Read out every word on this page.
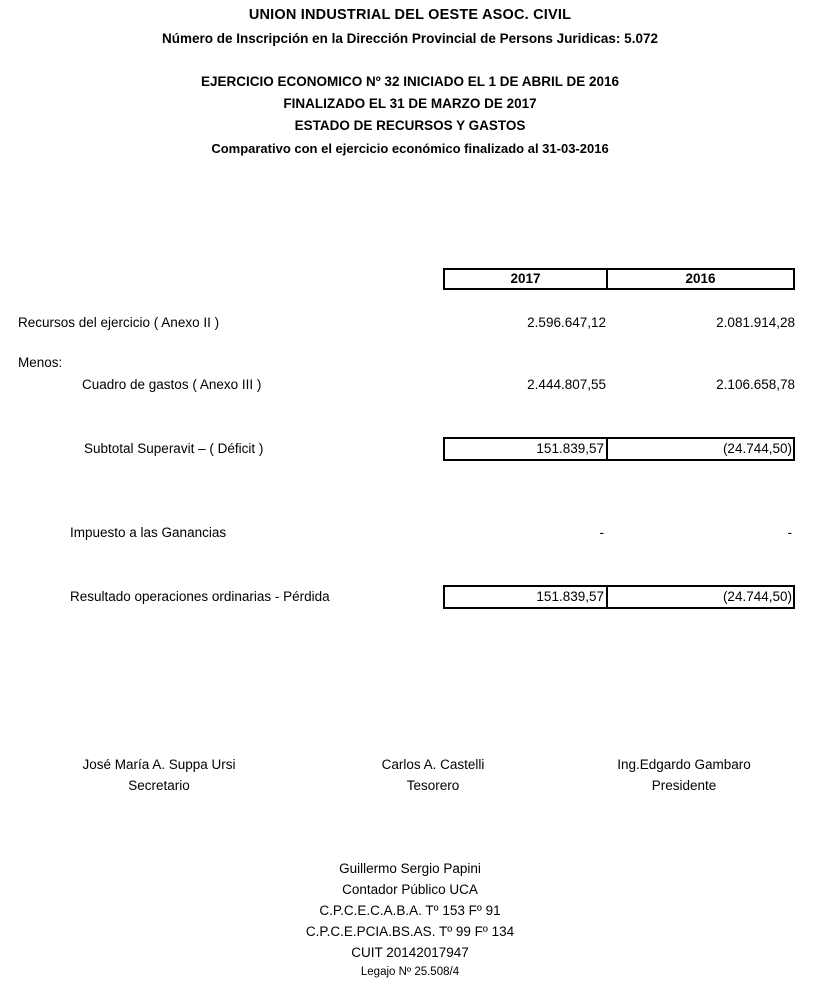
UNION INDUSTRIAL DEL OESTE ASOC. CIVIL
Número de Inscripción en la Dirección Provincial de Persons Juridicas: 5.072
EJERCICIO ECONOMICO Nº 32 INICIADO EL 1 DE ABRIL DE 2016
FINALIZADO EL 31 DE MARZO DE 2017
ESTADO DE RECURSOS Y GASTOS
Comparativo con el ejercicio económico finalizado al 31-03-2016
2017	2016
Recursos del ejercicio ( Anexo II )	2.596.647,12	2.081.914,28
Menos:
Cuadro de gastos ( Anexo III )	2.444.807,55	2.106.658,78
Subtotal Superavit – ( Déficit )	151.839,57	(24.744,50)
Impuesto a las Ganancias	-	-
Resultado operaciones ordinarias - Pérdida	151.839,57	(24.744,50)
José María A. Suppa Ursi
Secretario
Carlos A. Castelli
Tesorero
Ing.Edgardo Gambaro
Presidente
Guillermo Sergio Papini
Contador Público UCA
C.P.C.E.C.A.B.A. Tº 153 Fº 91
C.P.C.E.PCIA.BS.AS. Tº 99 Fº 134
CUIT 20142017947
Legajo Nº 25.508/4
